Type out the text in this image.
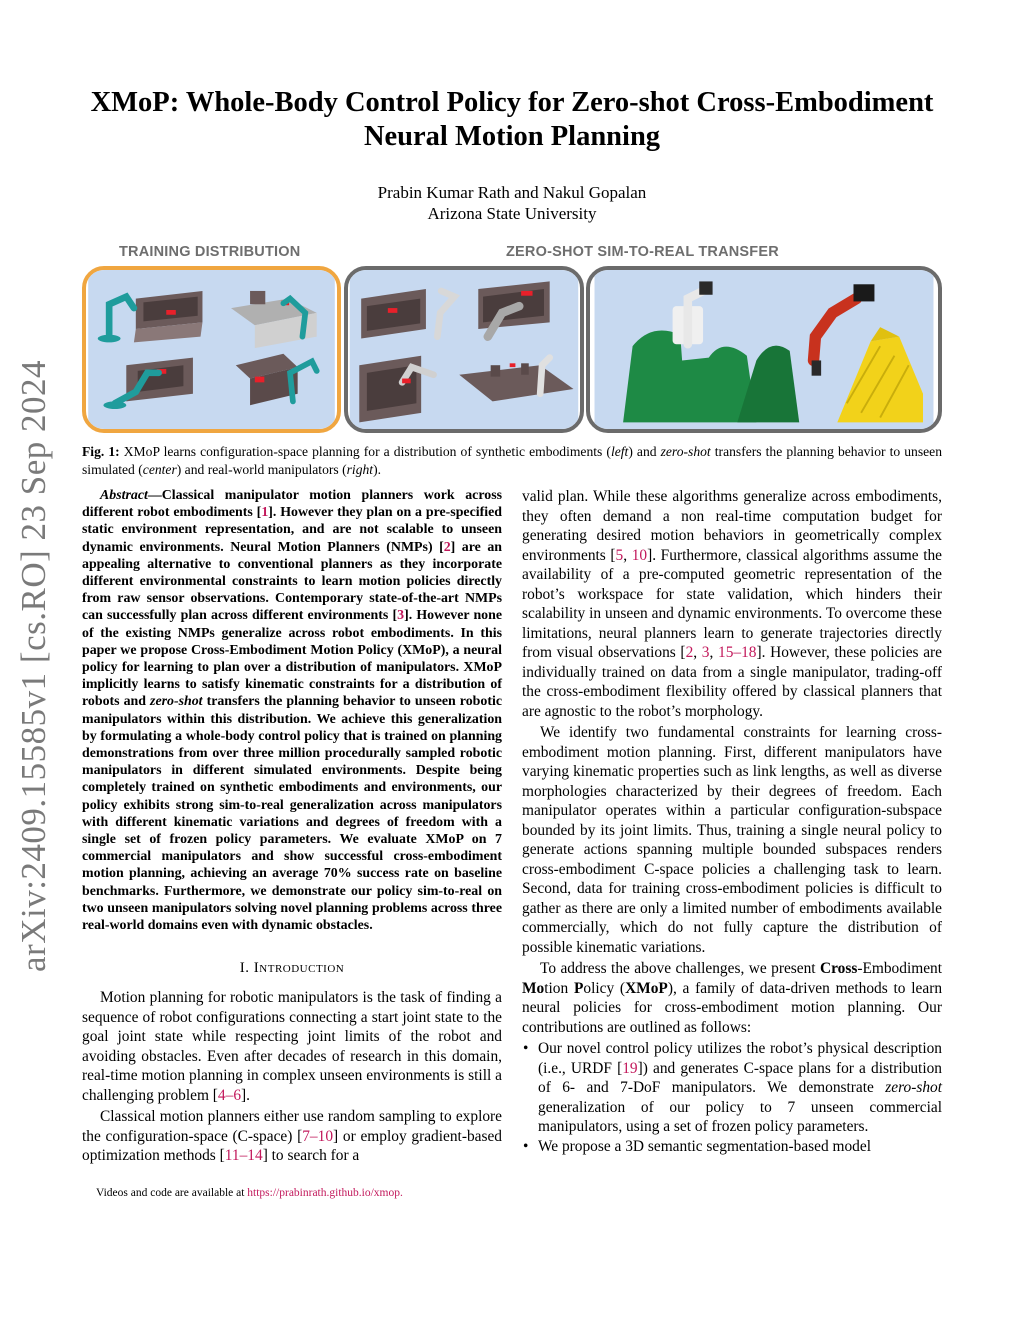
arXiv:2409.15585v1 [cs.RO] 23 Sep 2024
XMoP: Whole-Body Control Policy for Zero-shot Cross-Embodiment Neural Motion Planning
Prabin Kumar Rath and Nakul Gopalan
Arizona State University
TRAINING DISTRIBUTION	ZERO-SHOT SIM-TO-REAL TRANSFER
Fig. 1: XMoP learns configuration-space planning for a distribution of synthetic embodiments (left) and zero-shot transfers the planning behavior to unseen simulated (center) and real-world manipulators (right).
Abstract—Classical manipulator motion planners work across different robot embodiments [1]. However they plan on a pre-specified static environment representation, and are not scalable to unseen dynamic environments. Neural Motion Planners (NMPs) [2] are an appealing alternative to conventional planners as they incorporate different environmental constraints to learn motion policies directly from raw sensor observations. Contemporary state-of-the-art NMPs can successfully plan across different environments [3]. However none of the existing NMPs generalize across robot embodiments. In this paper we propose Cross-Embodiment Motion Policy (XMoP), a neural policy for learning to plan over a distribution of manipulators. XMoP implicitly learns to satisfy kinematic constraints for a distribution of robots and zero-shot transfers the planning behavior to unseen robotic manipulators within this distribution. We achieve this generalization by formulating a whole-body control policy that is trained on planning demonstrations from over three million procedurally sampled robotic manipulators in different simulated environments. Despite being completely trained on synthetic embodiments and environments, our policy exhibits strong sim-to-real generalization across manipulators with different kinematic variations and degrees of freedom with a single set of frozen policy parameters. We evaluate XMoP on 7 commercial manipulators and show successful cross-embodiment motion planning, achieving an average 70% success rate on baseline benchmarks. Furthermore, we demonstrate our policy sim-to-real on two unseen manipulators solving novel planning problems across three real-world domains even with dynamic obstacles.
I. Introduction

Motion planning for robotic manipulators is the task of finding a sequence of robot configurations connecting a start joint state to the goal joint state while respecting joint limits of the robot and avoiding obstacles. Even after decades of research in this domain, real-time motion planning in complex unseen environments is still a challenging problem [4–6].

Classical motion planners either use random sampling to explore the configuration-space (C-space) [7–10] or employ gradient-based optimization methods [11–14] to search for a

Videos and code are available at https://prabinrath.github.io/xmop.

valid plan. While these algorithms generalize across embodiments, they often demand a non real-time computation budget for generating desired motion behaviors in geometrically complex environments [5, 10]. Furthermore, classical algorithms assume the availability of a pre-computed geometric representation of the robot’s workspace for state validation, which hinders their scalability in unseen and dynamic environments. To overcome these limitations, neural planners learn to generate trajectories directly from visual observations [2, 3, 15–18]. However, these policies are individually trained on data from a single manipulator, trading-off the cross-embodiment flexibility offered by classical planners that are agnostic to the robot’s morphology.

We identify two fundamental constraints for learning cross-embodiment motion planning. First, different manipulators have varying kinematic properties such as link lengths, as well as diverse morphologies characterized by their degrees of freedom. Each manipulator operates within a particular configuration-subspace bounded by its joint limits. Thus, training a single neural policy to generate actions spanning multiple bounded subspaces renders cross-embodiment C-space policies a challenging task to learn. Second, data for training cross-embodiment policies is difficult to gather as there are only a limited number of embodiments available commercially, which do not fully capture the distribution of possible kinematic variations.

To address the above challenges, we present Cross-Embodiment Motion Policy (XMoP), a family of data-driven methods to learn neural policies for cross-embodiment motion planning. Our contributions are outlined as follows:

• Our novel control policy utilizes the robot’s physical description (i.e., URDF [19]) and generates C-space plans for a distribution of 6- and 7-DoF manipulators. We demonstrate zero-shot generalization of our policy to 7 unseen commercial manipulators, using a set of frozen policy parameters.
• We propose a 3D semantic segmentation-based model
